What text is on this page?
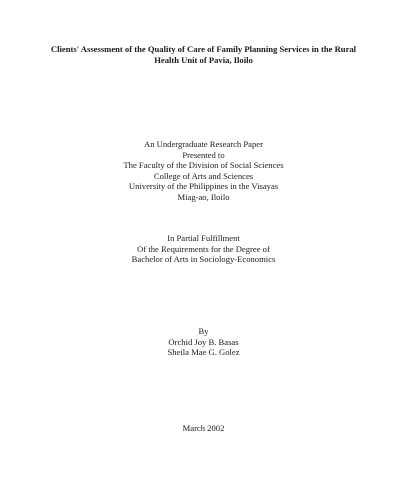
Clients' Assessment of the Quality of Care of Family Planning Services in the Rural
Health Unit of Pavia, Iloilo
An Undergraduate Research Paper
Presented to
The Faculty of the Division of Social Sciences
College of Arts and Sciences
University of the Philippines in the Visayas
Miag-ao, Iloilo
In Partial Fulfillment
Of the Requirements for the Degree of
Bachelor of Arts in Sociology-Economics
By
Orchid Joy B. Basas
Sheila Mae G. Golez
March 2002
